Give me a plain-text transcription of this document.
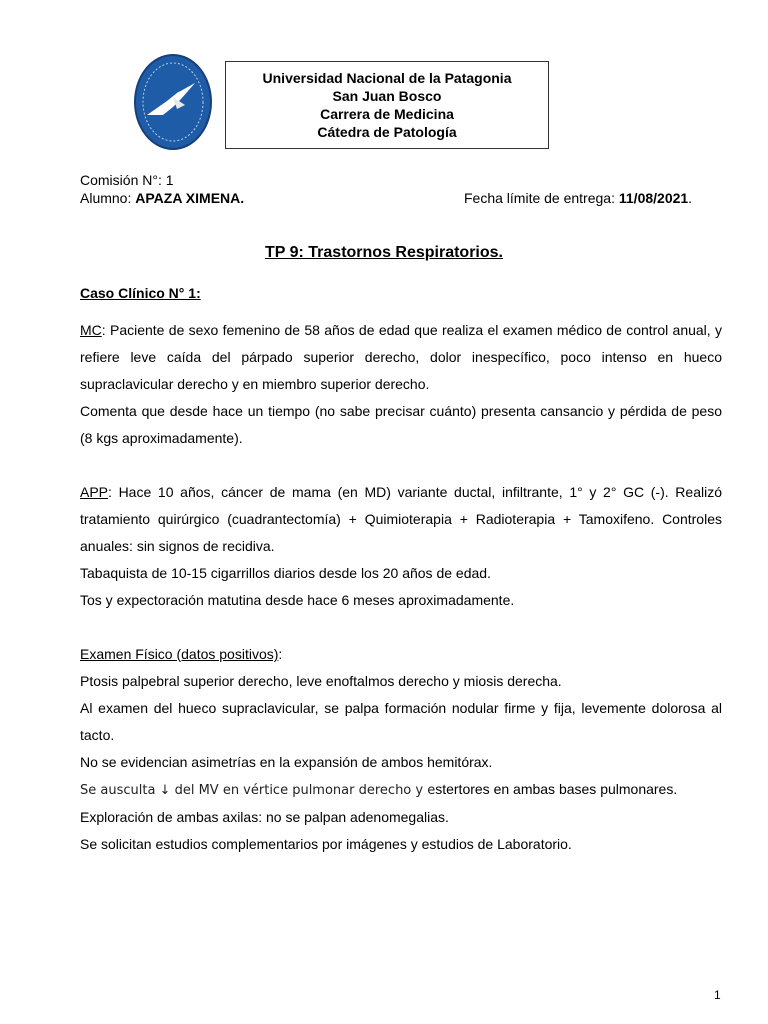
Universidad Nacional de la Patagonia
San Juan Bosco
Carrera de Medicina
Cátedra de Patología
Comisión N°: 1
Alumno: APAZA XIMENA.	Fecha límite de entrega: 11/08/2021.
TP 9: Trastornos Respiratorios.
Caso Clínico N° 1:

MC: Paciente de sexo femenino de 58 años de edad que realiza el examen médico de control anual, y refiere leve caída del párpado superior derecho, dolor inespecífico, poco intenso en hueco supraclavicular derecho y en miembro superior derecho.

Comenta que desde hace un tiempo (no sabe precisar cuánto) presenta cansancio y pérdida de peso (8 kgs aproximadamente).

APP: Hace 10 años, cáncer de mama (en MD) variante ductal, infiltrante, 1° y 2° GC (-). Realizó tratamiento quirúrgico (cuadrantectomía) + Quimioterapia + Radioterapia + Tamoxifeno. Controles anuales: sin signos de recidiva.

Tabaquista de 10-15 cigarrillos diarios desde los 20 años de edad.

Tos y expectoración matutina desde hace 6 meses aproximadamente.

Examen Físico (datos positivos):

Ptosis palpebral superior derecho, leve enoftalmos derecho y miosis derecha.

Al examen del hueco supraclavicular, se palpa formación nodular firme y fija, levemente dolorosa al tacto.

No se evidencian asimetrías en la expansión de ambos hemitórax.

Se ausculta ↓ del MV en vértice pulmonar derecho y estertores en ambas bases pulmonares.

Exploración de ambas axilas: no se palpan adenomegalias.

Se solicitan estudios complementarios por imágenes y estudios de Laboratorio.

1
